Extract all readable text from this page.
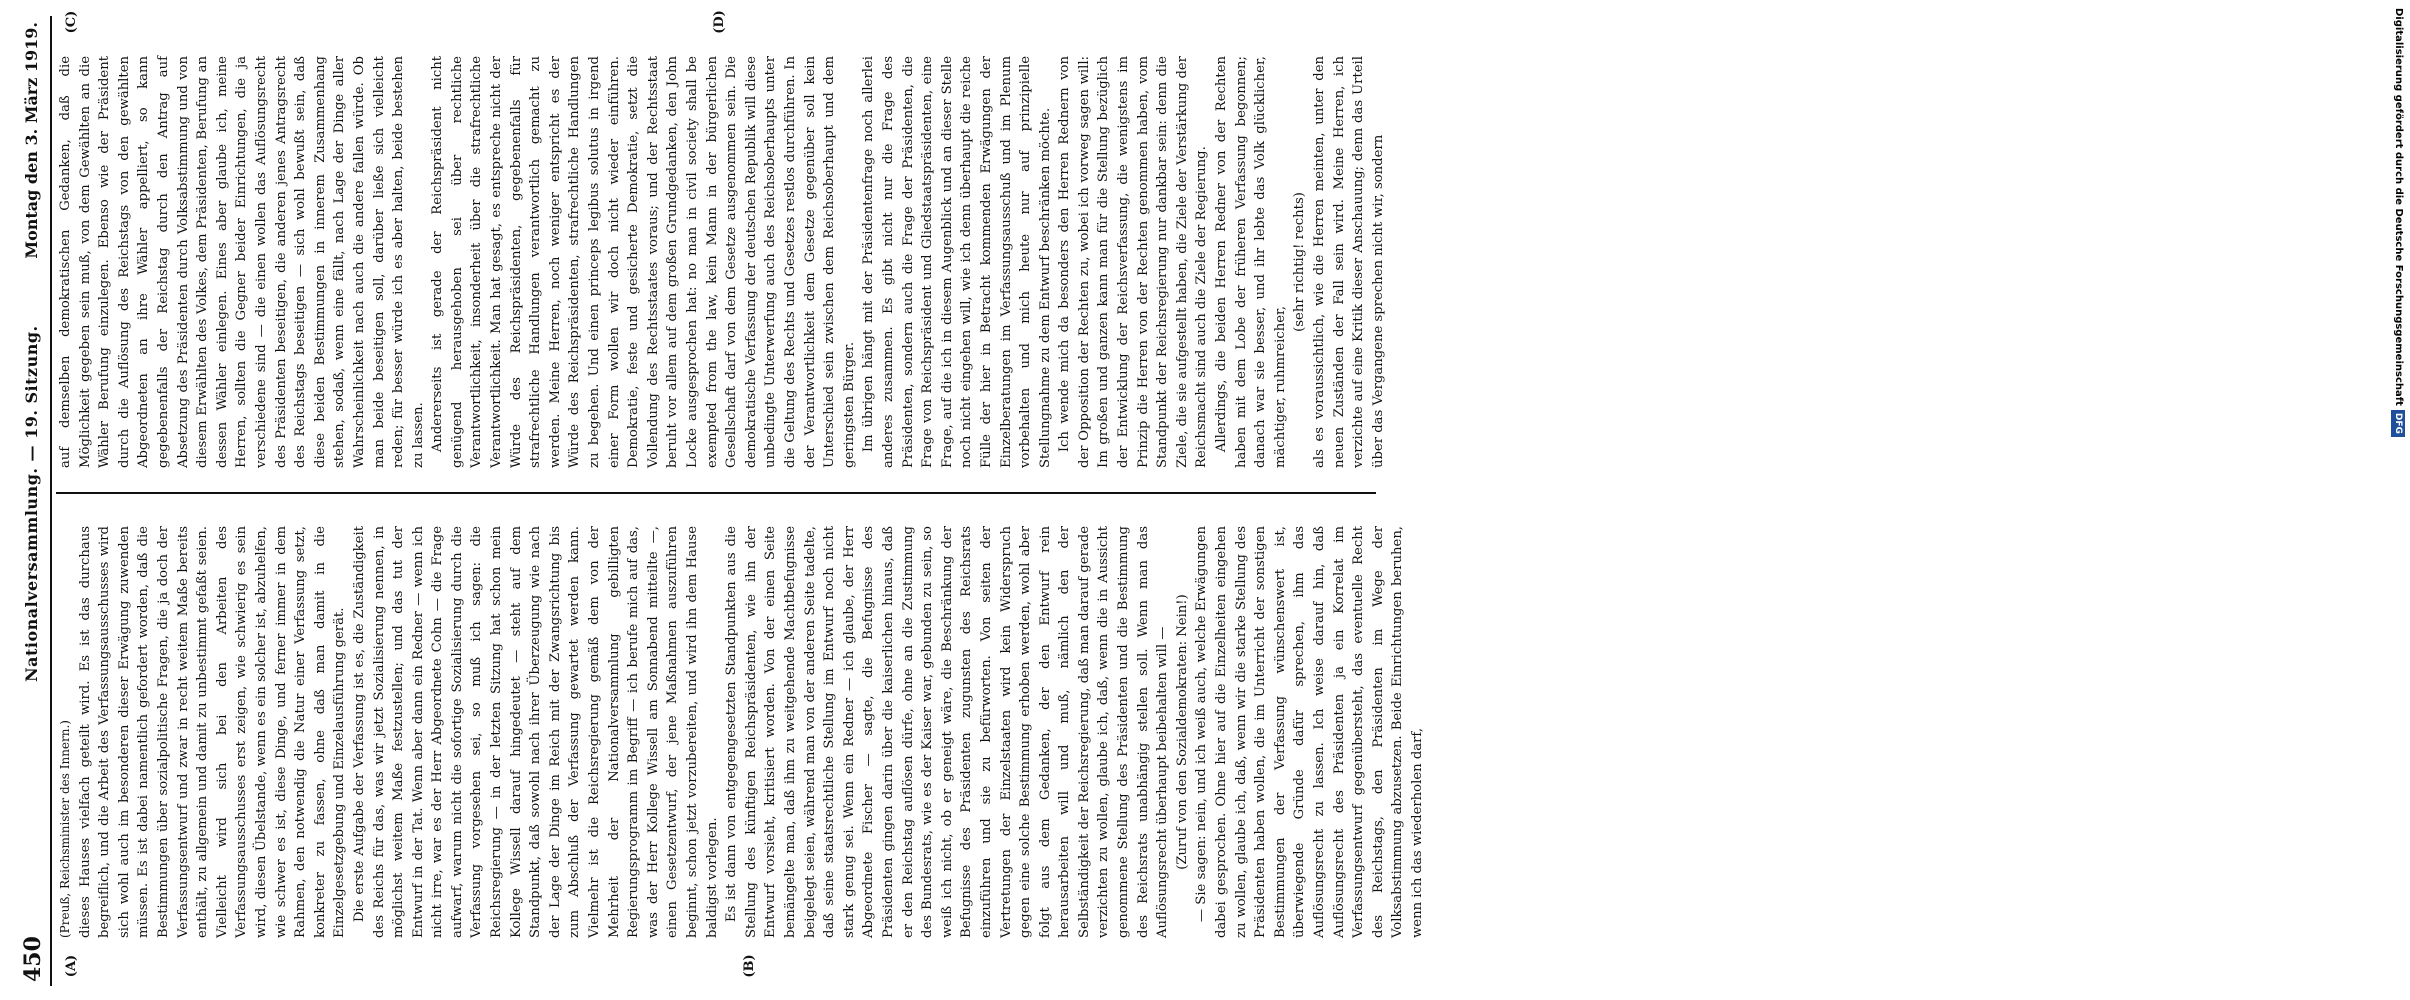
450
Nationalversammlung. — 19. Sitzung.
Montag den 3. März 1919.
(A)	(B)
(C)	(D)

(Preuß, Reichsminister des Innern.) dieses Hauses vielfach geteilt wird. Es ist das durchaus begreiflich, und die Arbeit des Verfassungsausschusses wird sich wohl auch im besonderen dieser Erwägung zuwenden müssen. Es ist dabei namentlich gefordert worden, daß die Bestimmungen über sozialpolitische Fragen, die ja doch der Verfassungsentwurf und zwar in recht weitem Maße bereits enthält, zu allgemein und damit zu unbestimmt gefaßt seien. Vielleicht wird sich bei den Arbeiten des Verfassungsausschusses erst zeigen, wie schwierig es sein wird, diesen Übelstande, wenn es ein solcher ist, abzuhelfen, wie schwer es ist, diese Dinge, und ferner immer in dem Rahmen, den notwendig die Natur einer Verfassung setzt, konkreter zu fassen, ohne daß man damit in die Einzelgesetzgebung und Einzelausführung gerät. Die erste Aufgabe der Verfassung ist es, die Zuständigkeit des Reichs für das, was wir jetzt Sozialisierung nennen, in möglichst weitem Maße festzustellen; und das tut der Entwurf in der Tat. Wenn aber dann ein Redner — wenn ich nicht irre, war es der Herr Abgeordnete Cohn — die Frage aufwarf, warum nicht die sofortige Sozialisierung durch die Verfassung vorgesehen sei, so muß ich sagen: die Reichsregierung — in der letzten Sitzung hat schon mein Kollege Wissell darauf hingedeutet — steht auf dem Standpunkt, daß sowohl nach ihrer Überzeugung wie nach der Lage der Dinge im Reich mit der Zwangsrichtung bis zum Abschluß der Verfassung gewartet werden kann. Vielmehr ist die Reichsregierung gemäß dem von der Mehrheit der Nationalversammlung gebilligten Regierungsprogramm im Begriff — ich berufe mich auf das, was der Herr Kollege Wissell am Sonnabend mitteilte —, einen Gesetzentwurf, der jene Maßnahmen auszuführen beginnt, schon jetzt vorzubereiten, und wird ihn dem Hause baldigst vorlegen. Es ist dann von entgegengesetzten Standpunkten aus die Stellung des künftigen Reichspräsidenten, wie ihn der Entwurf vorsieht, kritisiert worden. Von der einen Seite bemängelte man, daß ihm zu weitgehende Machtbefugnisse beigelegt seien, während man von der anderen Seite tadelte, daß seine staatsrechtliche Stellung im Entwurf noch nicht stark genug sei. Wenn ein Redner — ich glaube, der Herr Abgeordnete Fischer — sagte, die Befugnisse des Präsidenten gingen darin über die kaiserlichen hinaus, daß er den Reichstag auflösen dürfe, ohne an die Zustimmung des Bundesrats, wie es der Kaiser war, gebunden zu sein, so weiß ich nicht, ob er geneigt wäre, die Beschränkung der Befugnisse des Präsidenten zugunsten des Reichsrats einzuführen und sie zu befürworten. Von seiten der Vertretungen der Einzelstaaten wird kein Widerspruch gegen eine solche Bestimmung erhoben werden, wohl aber folgt aus dem Gedanken, der den Entwurf rein herausarbeiten will und muß, nämlich den der Selbständigkeit der Reichsregierung, daß man darauf gerade verzichten zu wollen, glaube ich, daß, wenn die in Aussicht genommene Stellung des Präsidenten und die Bestimmung des Reichsrats unabhängig stellen soll. Wenn man das Auflösungsrecht überhaupt beibehalten will — (Zuruf von den Sozialdemokraten: Nein!) — Sie sagen: nein, und ich weiß auch, welche Erwägungen dabei gesprochen. Ohne hier auf die Einzelheiten eingehen zu wollen, glaube ich, daß, wenn wir die starke Stellung des Präsidenten haben wollen, die im Unterricht der sonstigen Bestimmungen der Verfassung wünschenswert ist, überwiegende Gründe dafür sprechen, ihm das Auflösungsrecht zu lassen. Ich weise darauf hin, daß Auflösungsrecht des Präsidenten ja ein Korrelat im Verfassungsentwurf gegenübersteht, das eventuelle Recht des Reichstags, den Präsidenten im Wege der Volksabstimmung abzusetzen. Beide Einrichtungen beruhen, wenn ich das wiederholen darf,

auf demselben demokratischen Gedanken, daß die Möglichkeit gegeben sein muß, von dem Gewählten an die Wähler Berufung einzulegen. Ebenso wie der Präsident durch die Auflösung des Reichstags von den gewählten Abgeordneten an ihre Wähler appelliert, so kann gegebenenfalls der Reichstag durch den Antrag auf Absetzung des Präsidenten durch Volksabstimmung und von diesem Erwählten des Volkes, dem Präsidenten, Berufung an dessen Wähler einlegen. Eines aber glaube ich, meine Herren, sollten die Gegner beider Einrichtungen, die ja verschiedene sind — die einen wollen das Auflösungsrecht des Präsidenten beseitigen, die anderen jenes Antragsrecht des Reichstags beseitigen — sich wohl bewußt sein, daß diese beiden Bestimmungen in innerem Zusammenhang stehen, sodaß, wenn eine fällt, nach Lage der Dinge aller Wahrscheinlichkeit nach auch die andere fallen würde. Ob man beide beseitigen soll, darüber ließe sich vielleicht reden; für besser würde ich es aber halten, beide bestehen zu lassen. Andererseits ist gerade der Reichspräsident nicht genügend herausgehoben sei über rechtliche Verantwortlichkeit, insonderheit über die strafrechtliche Verantwortlichkeit. Man hat gesagt, es entspreche nicht der Würde des Reichspräsidenten, gegebenenfalls für strafrechtliche Handlungen verantwortlich gemacht zu werden. Meine Herren, noch weniger entspricht es der Würde des Reichspräsidenten, strafrechtliche Handlungen zu begehen. Und einen princeps legibus solutus in irgend einer Form wollen wir doch nicht wieder einführen. Demokratie, feste und gesicherte Demokratie, setzt die Vollendung des Rechtsstaates voraus; und der Rechtsstaat beruht vor allem auf dem großen Grundgedanken, den John Locke ausgesprochen hat: no man in civil society shall be exempted from the law, kein Mann in der bürgerlichen Gesellschaft darf von dem Gesetze ausgenommen sein. Die demokratische Verfassung der deutschen Republik will diese unbedingte Unterwerfung auch des Reichsoberhaupts unter die Geltung des Rechts und Gesetzes restlos durchführen. In der Verantwortlichkeit dem Gesetze gegenüber soll kein Unterschied sein zwischen dem Reichsoberhaupt und dem geringsten Bürger. Im übrigen hängt mit der Präsidentenfrage noch allerlei anderes zusammen. Es gibt nicht nur die Frage des Präsidenten, sondern auch die Frage der Präsidenten, die Frage von Reichspräsident und Gliedstaatspräsidenten, eine Frage, auf die ich in diesem Augenblick und an dieser Stelle noch nicht eingehen will, wie ich denn überhaupt die reiche Fülle der hier in Betracht kommenden Erwägungen der Einzelberatungen im Verfassungsausschuß und im Plenum vorbehalten und mich heute nur auf prinzipielle Stellungnahme zu dem Entwurf beschränken möchte. Ich wende mich da besonders den Herren Rednern von der Opposition der Rechten zu, wobei ich vorweg sagen will: Im großen und ganzen kann man für die Stellung bezüglich der Entwicklung der Reichsverfassung, die wenigstens im Prinzip die Herren von der Rechten genommen haben, vom Standpunkt der Reichsregierung nur dankbar sein: denn die Ziele, die sie aufgestellt haben, die Ziele der Verstärkung der Reichsmacht sind auch die Ziele der Regierung. Allerdings, die beiden Herren Redner von der Rechten haben mit dem Lobe der früheren Verfassung begonnen; danach war sie besser, und ihr lebte das Volk glücklicher, mächtiger, ruhmreicher,

(sehr richtig! rechts) als es voraussichtlich, wie die Herren meinten, unter den neuen Zuständen der Fall sein wird. Meine Herren, ich verzichte auf eine Kritik dieser Anschauung; denn das Urteil über das Vergangene sprechen nicht wir, sondern	Digitalisierung gefördert durch die Deutsche ForschungsgemeinschaftDFG
